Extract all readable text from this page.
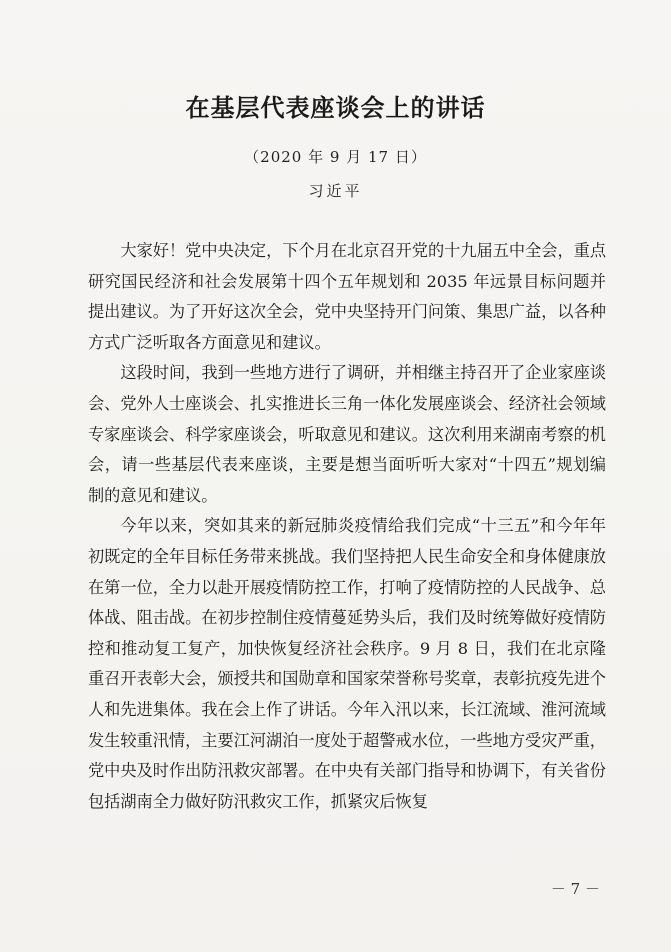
在基层代表座谈会上的讲话
（2020 年 9 月 17 日）
习近平

大家好！党中央决定，下个月在北京召开党的十九届五中全会，重点研究国民经济和社会发展第十四个五年规划和 2035 年远景目标问题并提出建议。为了开好这次全会，党中央坚持开门问策、集思广益，以各种方式广泛听取各方面意见和建议。

这段时间，我到一些地方进行了调研，并相继主持召开了企业家座谈会、党外人士座谈会、扎实推进长三角一体化发展座谈会、经济社会领域专家座谈会、科学家座谈会，听取意见和建议。这次利用来湖南考察的机会，请一些基层代表来座谈，主要是想当面听听大家对“十四五”规划编制的意见和建议。

今年以来，突如其来的新冠肺炎疫情给我们完成“十三五”和今年年初既定的全年目标任务带来挑战。我们坚持把人民生命安全和身体健康放在第一位，全力以赴开展疫情防控工作，打响了疫情防控的人民战争、总体战、阻击战。在初步控制住疫情蔓延势头后，我们及时统筹做好疫情防控和推动复工复产，加快恢复经济社会秩序。9 月 8 日，我们在北京隆重召开表彰大会，颁授共和国勋章和国家荣誉称号奖章，表彰抗疫先进个人和先进集体。我在会上作了讲话。今年入汛以来，长江流域、淮河流域发生较重汛情，主要江河湖泊一度处于超警戒水位，一些地方受灾严重，党中央及时作出防汛救灾部署。在中央有关部门指导和协调下，有关省份包括湖南全力做好防汛救灾工作，抓紧灾后恢复

－ 7 －
